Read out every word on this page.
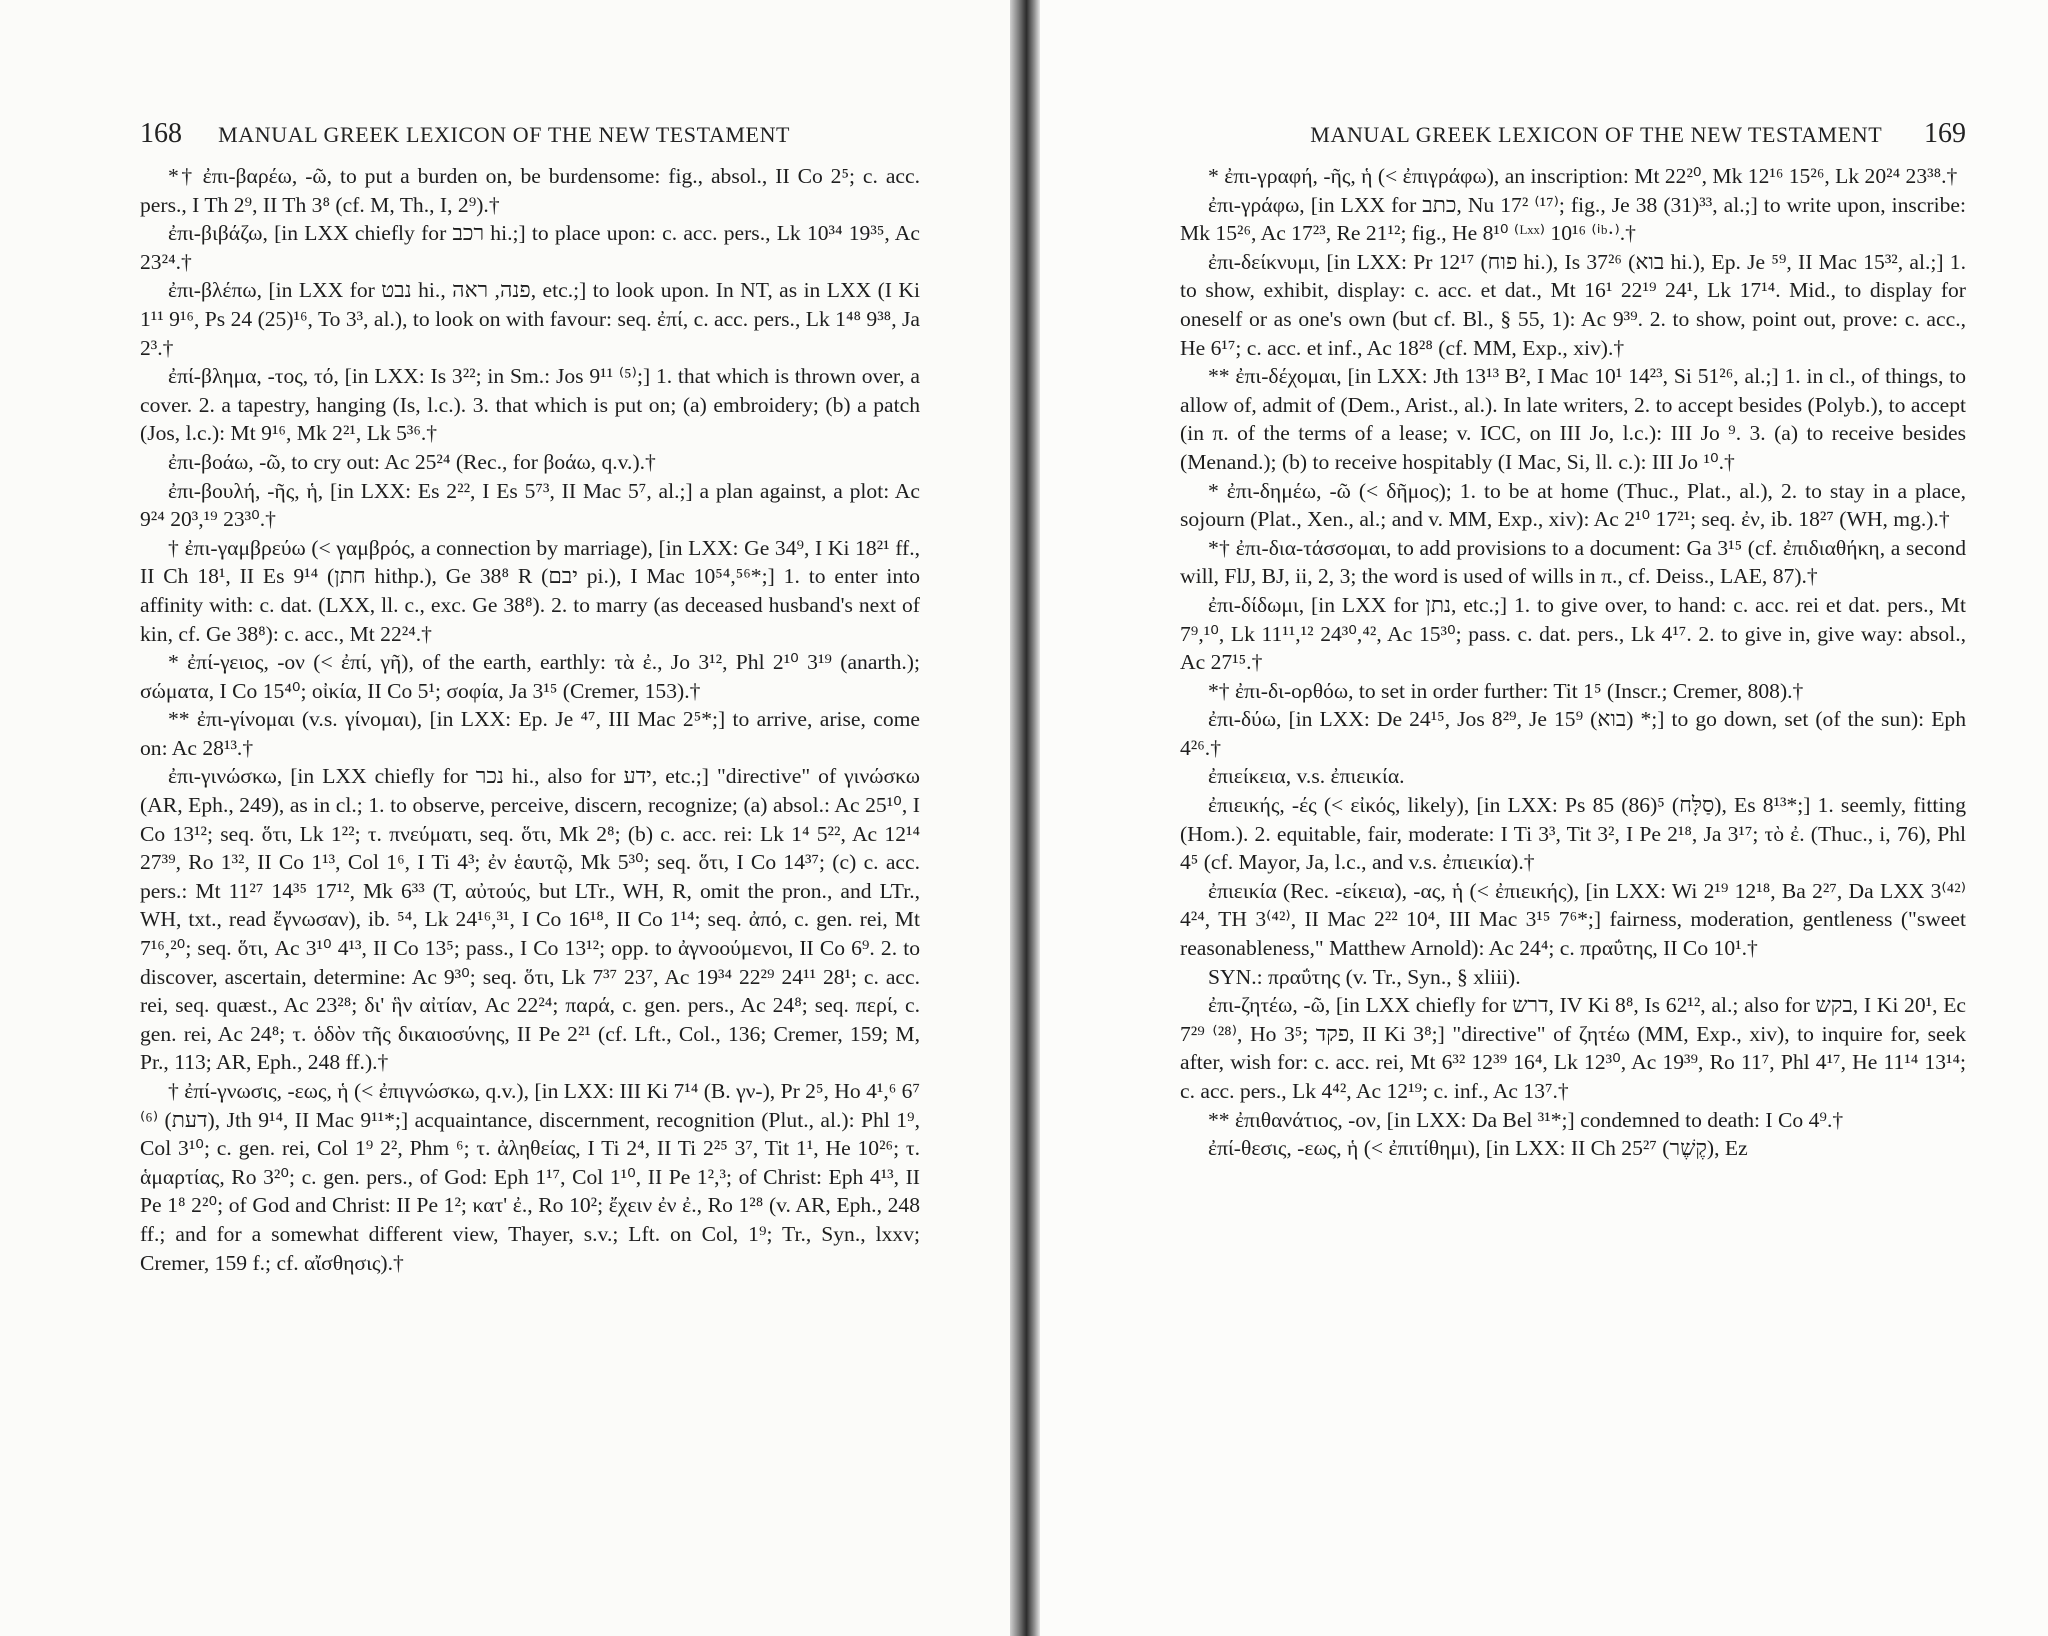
168 MANUAL GREEK LEXICON OF THE NEW TESTAMENT

*† ἐπι-βαρέω, -ῶ, to put a burden on, be burdensome: fig., absol., II Co 2⁵; c. acc. pers., I Th 2⁹, II Th 3⁸ (cf. M, Th., I, 2⁹).†

ἐπι-βιβάζω, [in LXX chiefly for רכב hi.;] to place upon: c. acc. pers., Lk 10³⁴ 19³⁵, Ac 23²⁴.†

ἐπι-βλέπω, [in LXX for נבט hi., פנה, ראה, etc.;] to look upon. In NT, as in LXX (I Ki 1¹¹ 9¹⁶, Ps 24 (25)¹⁶, To 3³, al.), to look on with favour: seq. ἐπί, c. acc. pers., Lk 1⁴⁸ 9³⁸, Ja 2³.†

ἐπί-βλημα, -τος, τό, [in LXX: Is 3²²; in Sm.: Jos 9¹¹ ⁽⁵⁾;] 1. that which is thrown over, a cover. 2. a tapestry, hanging (Is, l.c.). 3. that which is put on; (a) embroidery; (b) a patch (Jos, l.c.): Mt 9¹⁶, Mk 2²¹, Lk 5³⁶.†

ἐπι-βοάω, -ῶ, to cry out: Ac 25²⁴ (Rec., for βοάω, q.v.).†

ἐπι-βουλή, -ῆς, ἡ, [in LXX: Es 2²², I Es 5⁷³, II Mac 5⁷, al.;] a plan against, a plot: Ac 9²⁴ 20³,¹⁹ 23³⁰.†

† ἐπι-γαμβρεύω (< γαμβρός, a connection by marriage), [in LXX: Ge 34⁹, I Ki 18²¹ ff., II Ch 18¹, II Es 9¹⁴ (חתן hithp.), Ge 38⁸ R (יבם pi.), I Mac 10⁵⁴,⁵⁶*;] 1. to enter into affinity with: c. dat. (LXX, ll. c., exc. Ge 38⁸). 2. to marry (as deceased husband's next of kin, cf. Ge 38⁸): c. acc., Mt 22²⁴.†

* ἐπί-γειος, -ον (< ἐπί, γῆ), of the earth, earthly: τὰ ἐ., Jo 3¹², Phl 2¹⁰ 3¹⁹ (anarth.); σώματα, I Co 15⁴⁰; οἰκία, II Co 5¹; σοφία, Ja 3¹⁵ (Cremer, 153).†

** ἐπι-γίνομαι (v.s. γίνομαι), [in LXX: Ep. Je ⁴⁷, III Mac 2⁵*;] to arrive, arise, come on: Ac 28¹³.†

ἐπι-γινώσκω, [in LXX chiefly for נכר hi., also for ידע, etc.;] "directive" of γινώσκω (AR, Eph., 249), as in cl.; 1. to observe, perceive, discern, recognize; (a) absol.: Ac 25¹⁰, I Co 13¹²; seq. ὅτι, Lk 1²²; τ. πνεύματι, seq. ὅτι, Mk 2⁸; (b) c. acc. rei: Lk 1⁴ 5²², Ac 12¹⁴ 27³⁹, Ro 1³², II Co 1¹³, Col 1⁶, I Ti 4³; ἐν ἑαυτῷ, Mk 5³⁰; seq. ὅτι, I Co 14³⁷; (c) c. acc. pers.: Mt 11²⁷ 14³⁵ 17¹², Mk 6³³ (T, αὐτούς, but LTr., WH, R, omit the pron., and LTr., WH, txt., read ἔγνωσαν), ib. ⁵⁴, Lk 24¹⁶,³¹, I Co 16¹⁸, II Co 1¹⁴; seq. ἀπό, c. gen. rei, Mt 7¹⁶,²⁰; seq. ὅτι, Ac 3¹⁰ 4¹³, II Co 13⁵; pass., I Co 13¹²; opp. to ἀγνοούμενοι, II Co 6⁹. 2. to discover, ascertain, determine: Ac 9³⁰; seq. ὅτι, Lk 7³⁷ 23⁷, Ac 19³⁴ 22²⁹ 24¹¹ 28¹; c. acc. rei, seq. quæst., Ac 23²⁸; δι' ἣν αἰτίαν, Ac 22²⁴; παρά, c. gen. pers., Ac 24⁸; seq. περί, c. gen. rei, Ac 24⁸; τ. ὁδὸν τῆς δικαιοσύνης, II Pe 2²¹ (cf. Lft., Col., 136; Cremer, 159; M, Pr., 113; AR, Eph., 248 ff.).†

† ἐπί-γνωσις, -εως, ἡ (< ἐπιγνώσκω, q.v.), [in LXX: III Ki 7¹⁴ (B. γν-), Pr 2⁵, Ho 4¹,⁶ 6⁷ ⁽⁶⁾ (דעת), Jth 9¹⁴, II Mac 9¹¹*;] acquaintance, discernment, recognition (Plut., al.): Phl 1⁹, Col 3¹⁰; c. gen. rei, Col 1⁹ 2², Phm ⁶; τ. ἀληθείας, I Ti 2⁴, II Ti 2²⁵ 3⁷, Tit 1¹, He 10²⁶; τ. ἁμαρτίας, Ro 3²⁰; c. gen. pers., of God: Eph 1¹⁷, Col 1¹⁰, II Pe 1²,³; of Christ: Eph 4¹³, II Pe 1⁸ 2²⁰; of God and Christ: II Pe 1²; κατ' ἐ., Ro 10²; ἔχειν ἐν ἐ., Ro 1²⁸ (v. AR, Eph., 248 ff.; and for a somewhat different view, Thayer, s.v.; Lft. on Col, 1⁹; Tr., Syn., lxxv; Cremer, 159 f.; cf. αἴσθησις).†

MANUAL GREEK LEXICON OF THE NEW TESTAMENT 169

* ἐπι-γραφή, -ῆς, ἡ (< ἐπιγράφω), an inscription: Mt 22²⁰, Mk 12¹⁶ 15²⁶, Lk 20²⁴ 23³⁸.†

ἐπι-γράφω, [in LXX for כתב, Nu 17² ⁽¹⁷⁾; fig., Je 38 (31)³³, al.;] to write upon, inscribe: Mk 15²⁶, Ac 17²³, Re 21¹²; fig., He 8¹⁰ ⁽ᴸˣˣ⁾ 10¹⁶ ⁽ⁱᵇ·⁾.†

ἐπι-δείκνυμι, [in LXX: Pr 12¹⁷ (פוח hi.), Is 37²⁶ (בוא hi.), Ep. Je ⁵⁹, II Mac 15³², al.;] 1. to show, exhibit, display: c. acc. et dat., Mt 16¹ 22¹⁹ 24¹, Lk 17¹⁴. Mid., to display for oneself or as one's own (but cf. Bl., § 55, 1): Ac 9³⁹. 2. to show, point out, prove: c. acc., He 6¹⁷; c. acc. et inf., Ac 18²⁸ (cf. MM, Exp., xiv).†

** ἐπι-δέχομαι, [in LXX: Jth 13¹³ B², I Mac 10¹ 14²³, Si 51²⁶, al.;] 1. in cl., of things, to allow of, admit of (Dem., Arist., al.). In late writers, 2. to accept besides (Polyb.), to accept (in π. of the terms of a lease; v. ICC, on III Jo, l.c.): III Jo ⁹. 3. (a) to receive besides (Menand.); (b) to receive hospitably (I Mac, Si, ll. c.): III Jo ¹⁰.†

* ἐπι-δημέω, -ῶ (< δῆμος); 1. to be at home (Thuc., Plat., al.), 2. to stay in a place, sojourn (Plat., Xen., al.; and v. MM, Exp., xiv): Ac 2¹⁰ 17²¹; seq. ἐν, ib. 18²⁷ (WH, mg.).†

*† ἐπι-δια-τάσσομαι, to add provisions to a document: Ga 3¹⁵ (cf. ἐπιδιαθήκη, a second will, FlJ, BJ, ii, 2, 3; the word is used of wills in π., cf. Deiss., LAE, 87).†

ἐπι-δίδωμι, [in LXX for נתן, etc.;] 1. to give over, to hand: c. acc. rei et dat. pers., Mt 7⁹,¹⁰, Lk 11¹¹,¹² 24³⁰,⁴², Ac 15³⁰; pass. c. dat. pers., Lk 4¹⁷. 2. to give in, give way: absol., Ac 27¹⁵.†

*† ἐπι-δι-ορθόω, to set in order further: Tit 1⁵ (Inscr.; Cremer, 808).†

ἐπι-δύω, [in LXX: De 24¹⁵, Jos 8²⁹, Je 15⁹ (בוא) *;] to go down, set (of the sun): Eph 4²⁶.†

ἐπιείκεια, v.s. ἐπιεικία.

ἐπιεικής, -ές (< εἰκός, likely), [in LXX: Ps 85 (86)⁵ (סַלָּח), Es 8¹³*;] 1. seemly, fitting (Hom.). 2. equitable, fair, moderate: I Ti 3³, Tit 3², I Pe 2¹⁸, Ja 3¹⁷; τὸ ἐ. (Thuc., i, 76), Phl 4⁵ (cf. Mayor, Ja, l.c., and v.s. ἐπιεικία).†

ἐπιεικία (Rec. -είκεια), -ας, ἡ (< ἐπιεικής), [in LXX: Wi 2¹⁹ 12¹⁸, Ba 2²⁷, Da LXX 3⁽⁴²⁾ 4²⁴, TH 3⁽⁴²⁾, II Mac 2²² 10⁴, III Mac 3¹⁵ 7⁶*;] fairness, moderation, gentleness ("sweet reasonableness," Matthew Arnold): Ac 24⁴; c. πραΰτης, II Co 10¹.†

SYN.: πραΰτης (v. Tr., Syn., § xliii).

ἐπι-ζητέω, -ῶ, [in LXX chiefly for דרש, IV Ki 8⁸, Is 62¹², al.; also for בקש, I Ki 20¹, Ec 7²⁹ ⁽²⁸⁾, Ho 3⁵; פקד, II Ki 3⁸;] "directive" of ζητέω (MM, Exp., xiv), to inquire for, seek after, wish for: c. acc. rei, Mt 6³² 12³⁹ 16⁴, Lk 12³⁰, Ac 19³⁹, Ro 11⁷, Phl 4¹⁷, He 11¹⁴ 13¹⁴; c. acc. pers., Lk 4⁴², Ac 12¹⁹; c. inf., Ac 13⁷.†

** ἐπιθανάτιος, -ον, [in LXX: Da Bel ³¹*;] condemned to death: I Co 4⁹.†

ἐπί-θεσις, -εως, ἡ (< ἐπιτίθημι), [in LXX: II Ch 25²⁷ (קֶשֶׁר), Ez
